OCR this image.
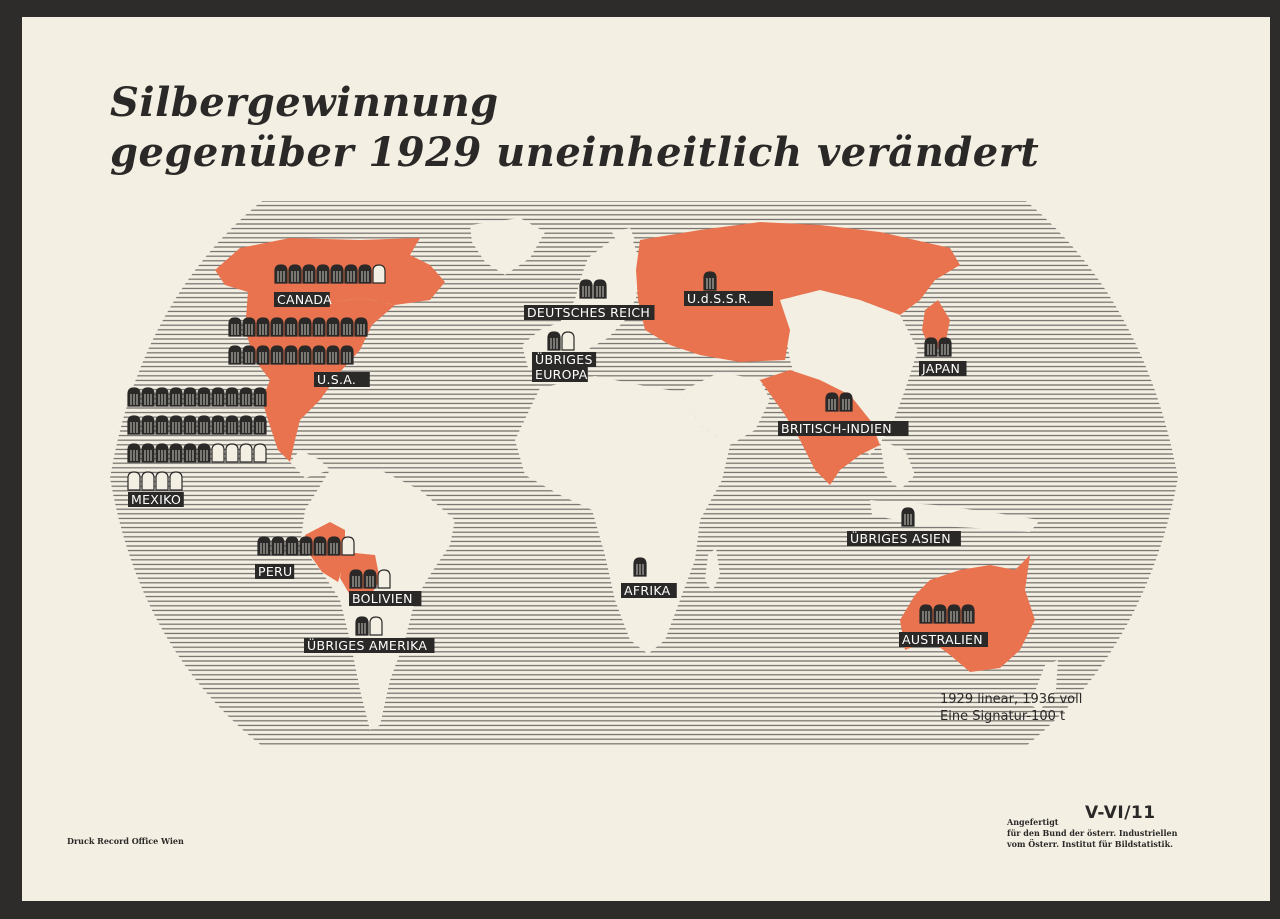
Silbergewinnung
gegenüber 1929 uneinheitlich verändert
CANADA
U.S.A.
MEXIKO
PERU
BOLIVIEN
ÜBRIGES AMERIKA
DEUTSCHES REICH
ÜBRIGES
EUROPA
U.d.S.S.R.
JAPAN
BRITISCH-INDIEN
ÜBRIGES ASIEN
AFRIKA
AUSTRALIEN
1929 linear, 1936 voll
Eine Signatur-100 t
Druck Record Office Wien
V-VI/11
Angefertigt
für den Bund der österr. Industriellen
vom Österr. Institut für Bildstatistik.
